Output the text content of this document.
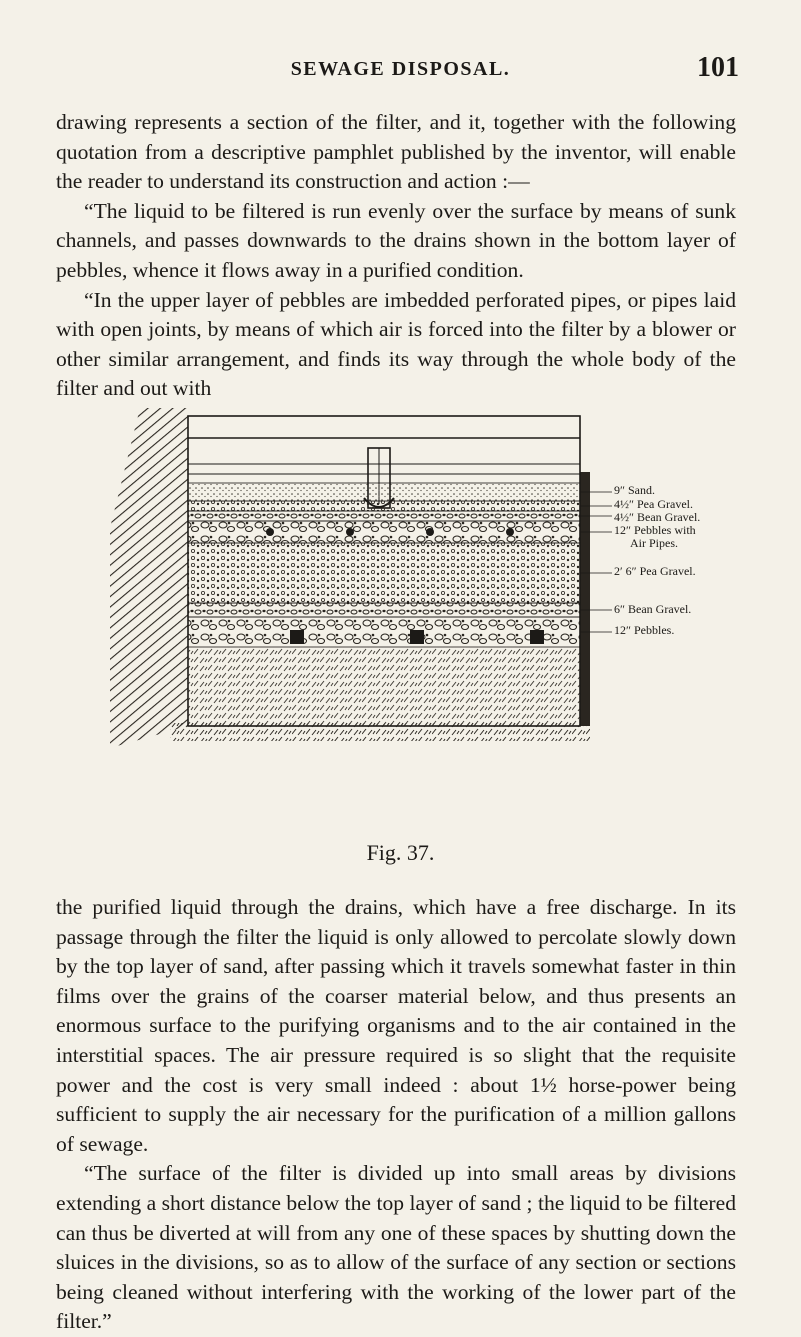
SEWAGE DISPOSAL.	101

drawing represents a section of the filter, and it, together with the following quotation from a descriptive pamphlet published by the inventor, will enable the reader to understand its construction and action :—

“The liquid to be filtered is run evenly over the surface by means of sunk channels, and passes downwards to the drains shown in the bottom layer of pebbles, whence it flows away in a purified condition.

“In the upper layer of pebbles are imbedded perforated pipes, or pipes laid with open joints, by means of which air is forced into the filter by a blower or other similar arrangement, and finds its way through the whole body of the filter and out with

9″ Sand.
4½″ Pea Gravel.
4½″ Bean Gravel.
12″ Pebbles with
Air Pipes.
2′ 6″ Pea Gravel.
6″ Bean Gravel.
12″ Pebbles.
Fig. 37.

the purified liquid through the drains, which have a free discharge. In its passage through the filter the liquid is only allowed to percolate slowly down by the top layer of sand, after passing which it travels somewhat faster in thin films over the grains of the coarser material below, and thus presents an enormous surface to the purifying organisms and to the air contained in the interstitial spaces. The air pressure required is so slight that the requisite power and the cost is very small indeed : about 1½ horse-power being sufficient to supply the air necessary for the purification of a million gallons of sewage.

“The surface of the filter is divided up into small areas by divisions extending a short distance below the top layer of sand ; the liquid to be filtered can thus be diverted at will from any one of these spaces by shutting down the sluices in the divisions, so as to allow of the surface of any section or sections being cleaned without interfering with the working of the lower part of the filter.”
